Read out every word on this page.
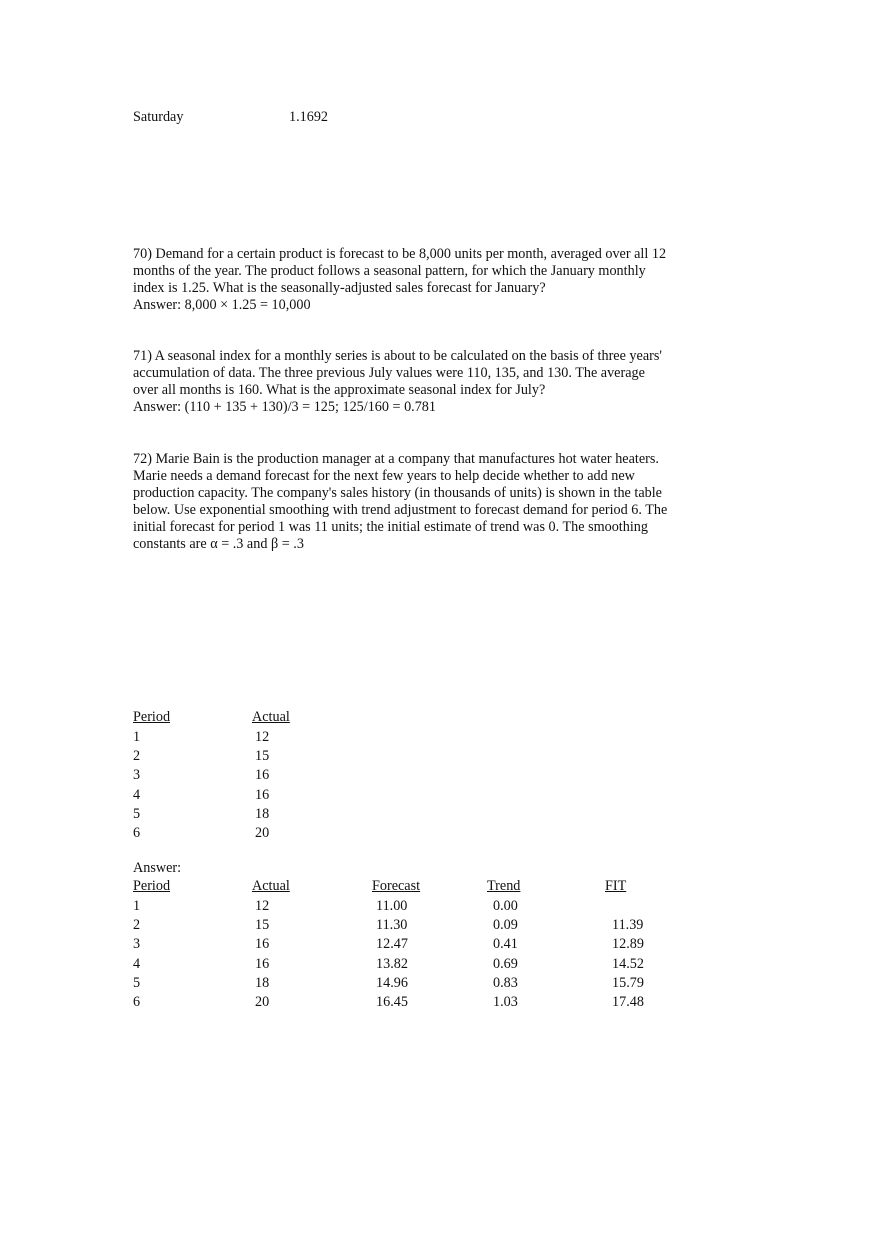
Saturday	1.1692
70) Demand for a certain product is forecast to be 8,000 units per month, averaged over all 12
months of the year. The product follows a seasonal pattern, for which the January monthly
index is 1.25. What is the seasonally-adjusted sales forecast for January?
Answer: 8,000 × 1.25 = 10,000
71) A seasonal index for a monthly series is about to be calculated on the basis of three years'
accumulation of data. The three previous July values were 110, 135, and 130. The average
over all months is 160. What is the approximate seasonal index for July?
Answer: (110 + 135 + 130)/3 = 125; 125/160 = 0.781
72) Marie Bain is the production manager at a company that manufactures hot water heaters.
Marie needs a demand forecast for the next few years to help decide whether to add new
production capacity. The company's sales history (in thousands of units) is shown in the table
below. Use exponential smoothing with trend adjustment to forecast demand for period 6. The
initial forecast for period 1 was 11 units; the initial estimate of trend was 0. The smoothing
constants are α = .3 and β = .3
Period	Actual
1	12
2	15
3	16
4	16
5	18
6	20
Answer:
Period	Actual	Forecast	Trend	FIT
1	12	11.00	0.00
2	15	11.30	0.09	11.39
3	16	12.47	0.41	12.89
4	16	13.82	0.69	14.52
5	18	14.96	0.83	15.79
6	20	16.45	1.03	17.48
